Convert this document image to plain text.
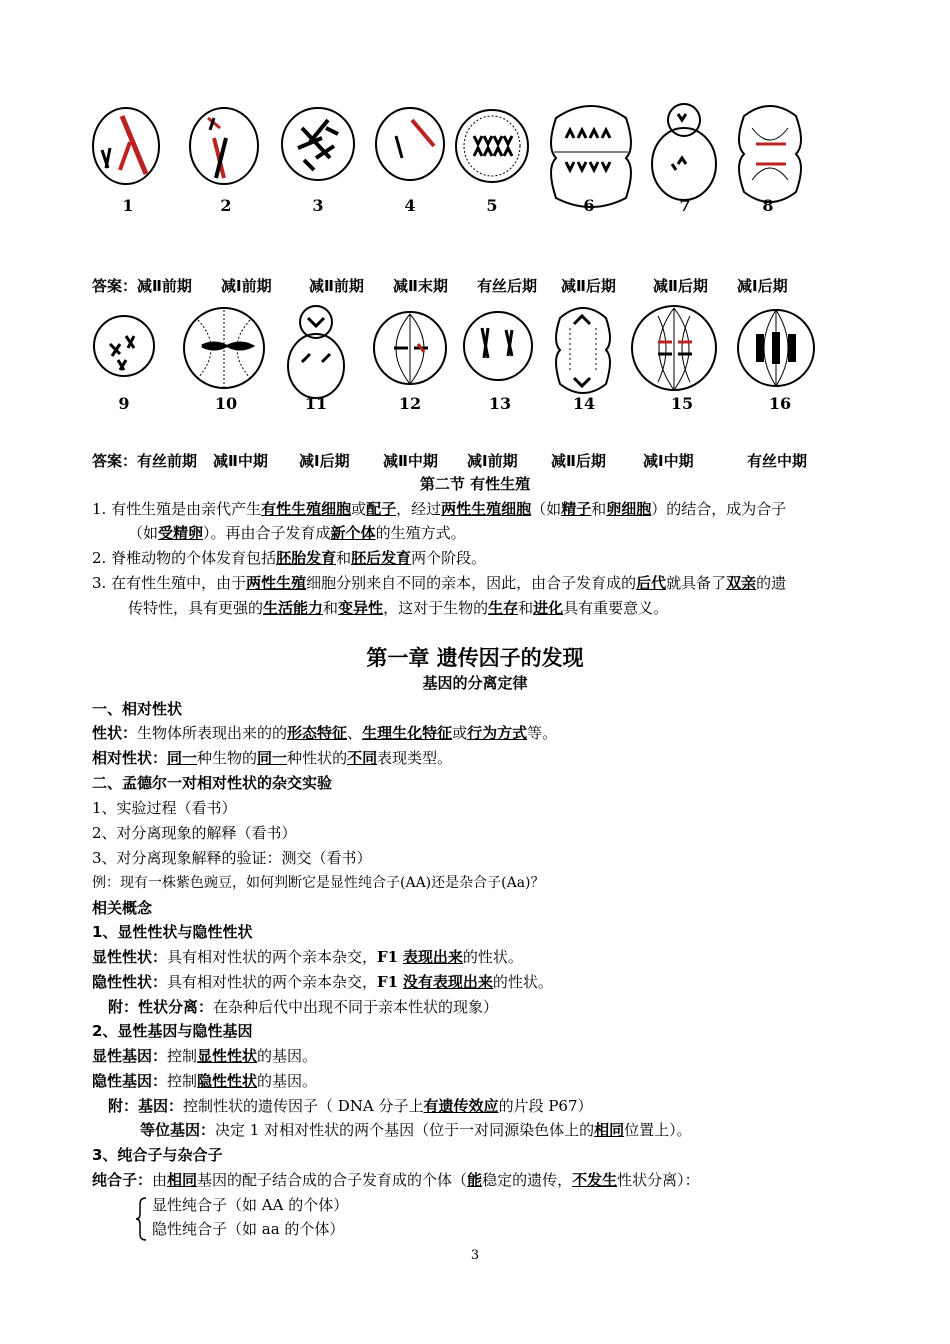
1	2	3	4	5	6	7	8
答案：减Ⅱ前期 减Ⅰ前期 减Ⅱ前期 减Ⅱ末期 有丝后期 减Ⅱ后期 减Ⅱ后期 减Ⅰ后期
9	10	11	12	13	14	15	16
答案：有丝前期 减Ⅱ中期 减Ⅰ后期 减Ⅱ中期 减Ⅰ前期 减Ⅱ后期 减Ⅰ中期	有丝中期
第二节 有性生殖
1. 有性生殖是由亲代产生有性生殖细胞或配子，经过两性生殖细胞（如精子和卵细胞）的结合，成为合子
（如受精卵）。再由合子发育成新个体的生殖方式。
2. 脊椎动物的个体发育包括胚胎发育和胚后发育两个阶段。
3. 在有性生殖中，由于两性生殖细胞分别来自不同的亲本，因此，由合子发育成的后代就具备了双亲的遗
传特性，具有更强的生活能力和变异性，这对于生物的生存和进化具有重要意义。
第一章 遗传因子的发现
基因的分离定律
一、相对性状
性状：生物体所表现出来的的形态特征、生理生化特征或行为方式等。
相对性状：同一种生物的同一种性状的不同表现类型。
二、孟德尔一对相对性状的杂交实验
1、实验过程（看书）
2、对分离现象的解释（看书）
3、对分离现象解释的验证：测交（看书）
例：现有一株紫色豌豆，如何判断它是显性纯合子(AA)还是杂合子(Aa)？
相关概念
1、显性性状与隐性性状
显性性状：具有相对性状的两个亲本杂交，F1 表现出来的性状。
隐性性状：具有相对性状的两个亲本杂交，F1 没有表现出来的性状。
附：性状分离：在杂种后代中出现不同于亲本性状的现象）
2、显性基因与隐性基因
显性基因：控制显性性状的基因。
隐性基因：控制隐性性状的基因。
附：基因：控制性状的遗传因子（ DNA 分子上有遗传效应的片段 P67）
等位基因：决定 1 对相对性状的两个基因（位于一对同源染色体上的相同位置上）。
3、纯合子与杂合子
纯合子：由相同基因的配子结合成的合子发育成的个体（能稳定的遗传，不发生性状分离）：
显性纯合子（如 AA 的个体）
隐性纯合子（如 aa 的个体）
3
